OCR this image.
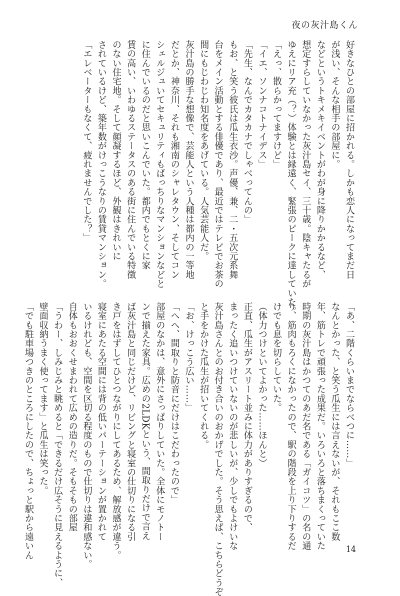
夜の灰汁島くん
好きなひとの部屋に招かれる。しかも恋人になってまだ日
が浅い、そんな相手の部屋に。
などというトキメキイベントがわが身に降りかかるなど、
想定すらしていなかった灰汁島セイ、三十歳。陰キャたるが
ゆえにリア充（？）体験とは縁遠く、緊張のピークに達していた。
「えっ、散らかってますけど」
「イエ、ソンナコトナイデス」
「先生、なんでカタカナでしゃべってんの」
もお、と笑う彼氏は瓜生衣沙。声優、兼、二・五次元系舞
台をメイン活動とする俳優であり、最近ではテレビでお茶の
間にもじわじわ知名度をあげている。人気芸能人だ。
灰汁島の勝手な想像で、芸能人という人種は都内の一等地
だとか、神奈川、それも湘南のシャレタウン、そしてコン
シェルジュいてセキュリティもばっちりなマンションなどと
に住んでいるのだと思いこんでいた。都内でもとくに家
賃の高い、いわゆるステータスのある街に住んでいる特徴
のない住宅地。そして顔凝するほど、外観はきれいに
されているけど、築年数がけっこうなりの賃貸マンション。
「エレベーターもなくて、疲れませんでした？」
「あ、二階くらいまでならべつに……」
なんとかった、と笑う瓜生には言えないが、それもここ数
年、筋トレで頑張った成果だ。いろいろと落ちまくっていた
時期の灰汁島はかつてのあだ名である「ガイコツ」の名の通
り、筋肉もろくになかったので、駅の階段を上り下りするだ
けでも息を切らしていた。
（体力つけといてよかった……ほんと）
正直、瓜生がアスリート並みに体力がありすぎるので、
まったく追いつけていないのが悲しいが、少しでもよけいな
灰汁島さんとのお付き合いのおかげでした。そう思えば、こちらどうぞ
と手をかけた瓜生が招いてくれる。
「お、けっこう広い……」
「へへ、間取りと防音にだけはこだわったので」
部屋のなかは、意外にさっぱりしていた。全体にモノトー
ンで揃えた家具。広めの2LDKという、間取りだけで言え
ば灰汁島と同じだけど、リビングと寝室の仕切りになる引
き戸をはずしてひとつながりにしてあるため、解放感が違う。
寝室にあたる空間には背の低いパーテーションが置かれて
いるけれども、空間を区切る程度のもので仕切りは違和感ない。
自体もおおくせまわれて広めの造りだ。そもそもの部屋
「うわー、しみじみと眺めると「できるだけ広そうに見えるように、
壁面収納うまく使ってます」と瓜生は笑った。
「でも駐車場つきのところにしたので、ちょっと駅から遠いん	14
